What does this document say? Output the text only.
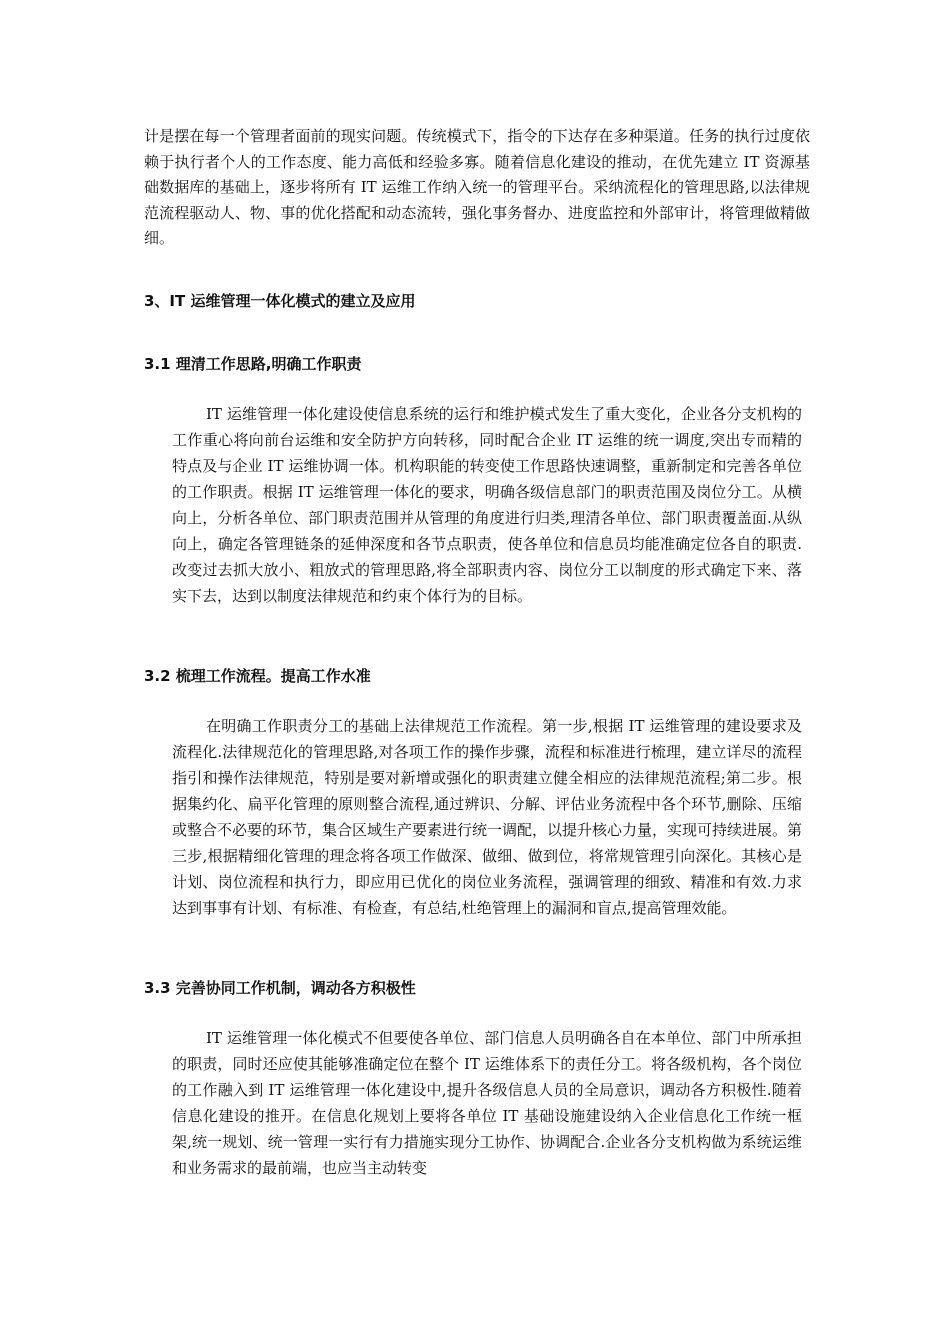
计是摆在每一个管理者面前的现实问题。传统模式下，指令的下达存在多种渠道。任务的执行过度依赖于执行者个人的工作态度、能力高低和经验多寡。随着信息化建设的推动，在优先建立 IT 资源基础数据库的基础上，逐步将所有 IT 运维工作纳入统一的管理平台。采纳流程化的管理思路,以法律规范流程驱动人、物、事的优化搭配和动态流转，强化事务督办、进度监控和外部审计，将管理做精做细。

3、IT 运维管理一体化模式的建立及应用
3.1 理清工作思路,明确工作职责

IT 运维管理一体化建设使信息系统的运行和维护模式发生了重大变化，企业各分支机构的工作重心将向前台运维和安全防护方向转移，同时配合企业 IT 运维的统一调度,突出专而精的特点及与企业 IT 运维协调一体。机构职能的转变使工作思路快速调整，重新制定和完善各单位的工作职责。根据 IT 运维管理一体化的要求，明确各级信息部门的职责范围及岗位分工。从横向上，分析各单位、部门职责范围并从管理的角度进行归类,理清各单位、部门职责覆盖面.从纵向上，确定各管理链条的延伸深度和各节点职责，使各单位和信息员均能准确定位各自的职责.改变过去抓大放小、粗放式的管理思路,将全部职责内容、岗位分工以制度的形式确定下来、落实下去，达到以制度法律规范和约束个体行为的目标。

3.2 梳理工作流程。提高工作水准

在明确工作职责分工的基础上法律规范工作流程。第一步,根据 IT 运维管理的建设要求及流程化.法律规范化的管理思路,对各项工作的操作步骤，流程和标准进行梳理，建立详尽的流程指引和操作法律规范，特别是要对新增或强化的职责建立健全相应的法律规范流程;第二步。根据集约化、扁平化管理的原则整合流程,通过辨识、分解、评估业务流程中各个环节,删除、压缩或整合不必要的环节，集合区域生产要素进行统一调配，以提升核心力量，实现可持续进展。第三步,根据精细化管理的理念将各项工作做深、做细、做到位，将常规管理引向深化。其核心是计划、岗位流程和执行力，即应用已优化的岗位业务流程，强调管理的细致、精准和有效.力求达到事事有计划、有标准、有检查，有总结,杜绝管理上的漏洞和盲点,提高管理效能。

3.3 完善协同工作机制，调动各方积极性

IT 运维管理一体化模式不但要使各单位、部门信息人员明确各自在本单位、部门中所承担的职责，同时还应使其能够准确定位在整个 IT 运维体系下的责任分工。将各级机构，各个岗位的工作融入到 IT 运维管理一体化建设中,提升各级信息人员的全局意识，调动各方积极性.随着信息化建设的推开。在信息化规划上要将各单位 IT 基础设施建设纳入企业信息化工作统一框架,统一规划、统一管理一实行有力措施实现分工协作、协调配合.企业各分支机构做为系统运维和业务需求的最前端，也应当主动转变
